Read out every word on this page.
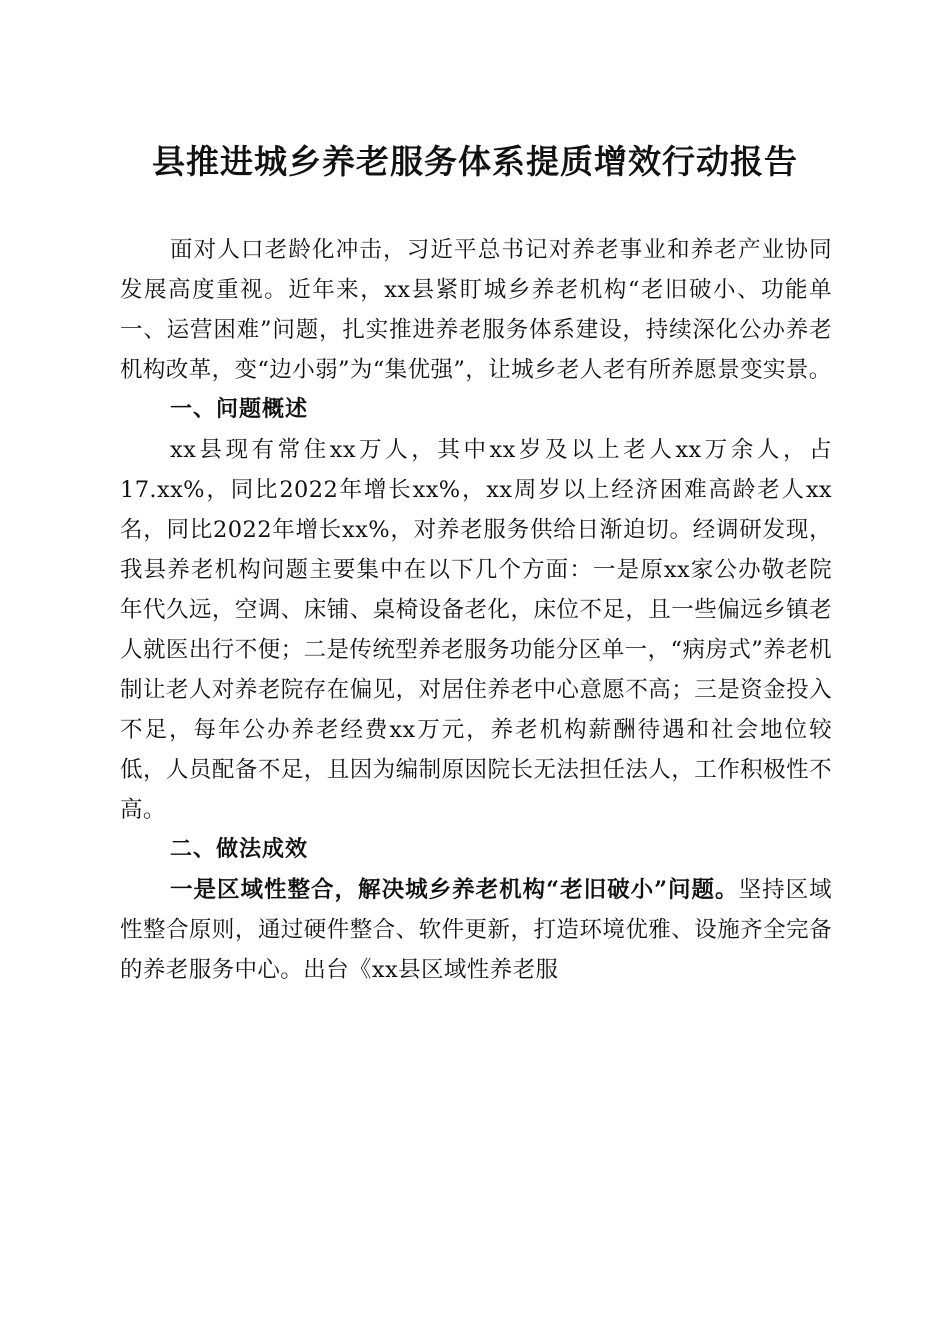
县推进城乡养老服务体系提质增效行动报告

面对人口老龄化冲击，习近平总书记对养老事业和养老产业协同发展高度重视。近年来，xx县紧盯城乡养老机构“老旧破小、功能单一、运营困难”问题，扎实推进养老服务体系建设，持续深化公办养老机构改革，变“边小弱”为“集优强”，让城乡老人老有所养愿景变实景。

一、问题概述

xx县现有常住xx万人，其中xx岁及以上老人xx万余人，占17.xx%，同比2022年增长xx%，xx周岁以上经济困难高龄老人xx名，同比2022年增长xx%，对养老服务供给日渐迫切。经调研发现，我县养老机构问题主要集中在以下几个方面：一是原xx家公办敬老院年代久远，空调、床铺、桌椅设备老化，床位不足，且一些偏远乡镇老人就医出行不便；二是传统型养老服务功能分区单一，“病房式”养老机制让老人对养老院存在偏见，对居住养老中心意愿不高；三是资金投入不足，每年公办养老经费xx万元，养老机构薪酬待遇和社会地位较低，人员配备不足，且因为编制原因院长无法担任法人，工作积极性不高。

二、做法成效

一是区域性整合，解决城乡养老机构“老旧破小”问题。坚持区域性整合原则，通过硬件整合、软件更新，打造环境优雅、设施齐全完备的养老服务中心。出台《xx县区域性养老服
